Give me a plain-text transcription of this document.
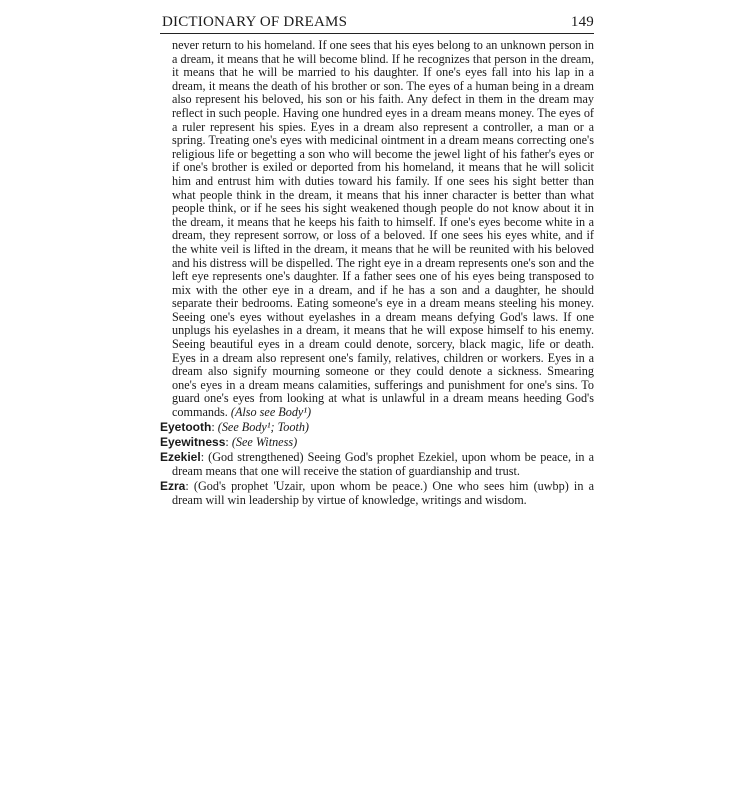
DICTIONARY OF DREAMS	149

never return to his homeland. If one sees that his eyes belong to an unknown person in a dream, it means that he will become blind. If he recognizes that person in the dream, it means that he will be married to his daughter. If one's eyes fall into his lap in a dream, it means the death of his brother or son. The eyes of a human being in a dream also represent his beloved, his son or his faith. Any defect in them in the dream may reflect in such people. Having one hundred eyes in a dream means money. The eyes of a ruler represent his spies. Eyes in a dream also represent a controller, a man or a spring. Treating one's eyes with medicinal ointment in a dream means correcting one's religious life or begetting a son who will become the jewel light of his father's eyes or if one's brother is exiled or deported from his homeland, it means that he will solicit him and entrust him with duties toward his family. If one sees his sight better than what people think in the dream, it means that his inner character is better than what people think, or if he sees his sight weakened though people do not know about it in the dream, it means that he keeps his faith to himself. If one's eyes become white in a dream, they represent sorrow, or loss of a beloved. If one sees his eyes white, and if the white veil is lifted in the dream, it means that he will be reunited with his beloved and his distress will be dispelled. The right eye in a dream represents one's son and the left eye represents one's daughter. If a father sees one of his eyes being transposed to mix with the other eye in a dream, and if he has a son and a daughter, he should separate their bedrooms. Eating someone's eye in a dream means steeling his money. Seeing one's eyes without eyelashes in a dream means defying God's laws. If one unplugs his eyelashes in a dream, it means that he will expose himself to his enemy. Seeing beautiful eyes in a dream could denote, sorcery, black magic, life or death. Eyes in a dream also represent one's family, relatives, children or workers. Eyes in a dream also signify mourning someone or they could denote a sickness. Smearing one's eyes in a dream means calamities, sufferings and punishment for one's sins. To guard one's eyes from looking at what is unlawful in a dream means heeding God's commands. (Also see Body¹)

Eyetooth: (See Body¹; Tooth)

Eyewitness: (See Witness)

Ezekiel: (God strengthened) Seeing God's prophet Ezekiel, upon whom be peace, in a dream means that one will receive the station of guardianship and trust.

Ezra: (God's prophet 'Uzair, upon whom be peace.) One who sees him (uwbp) in a dream will win leadership by virtue of knowledge, writings and wisdom.
